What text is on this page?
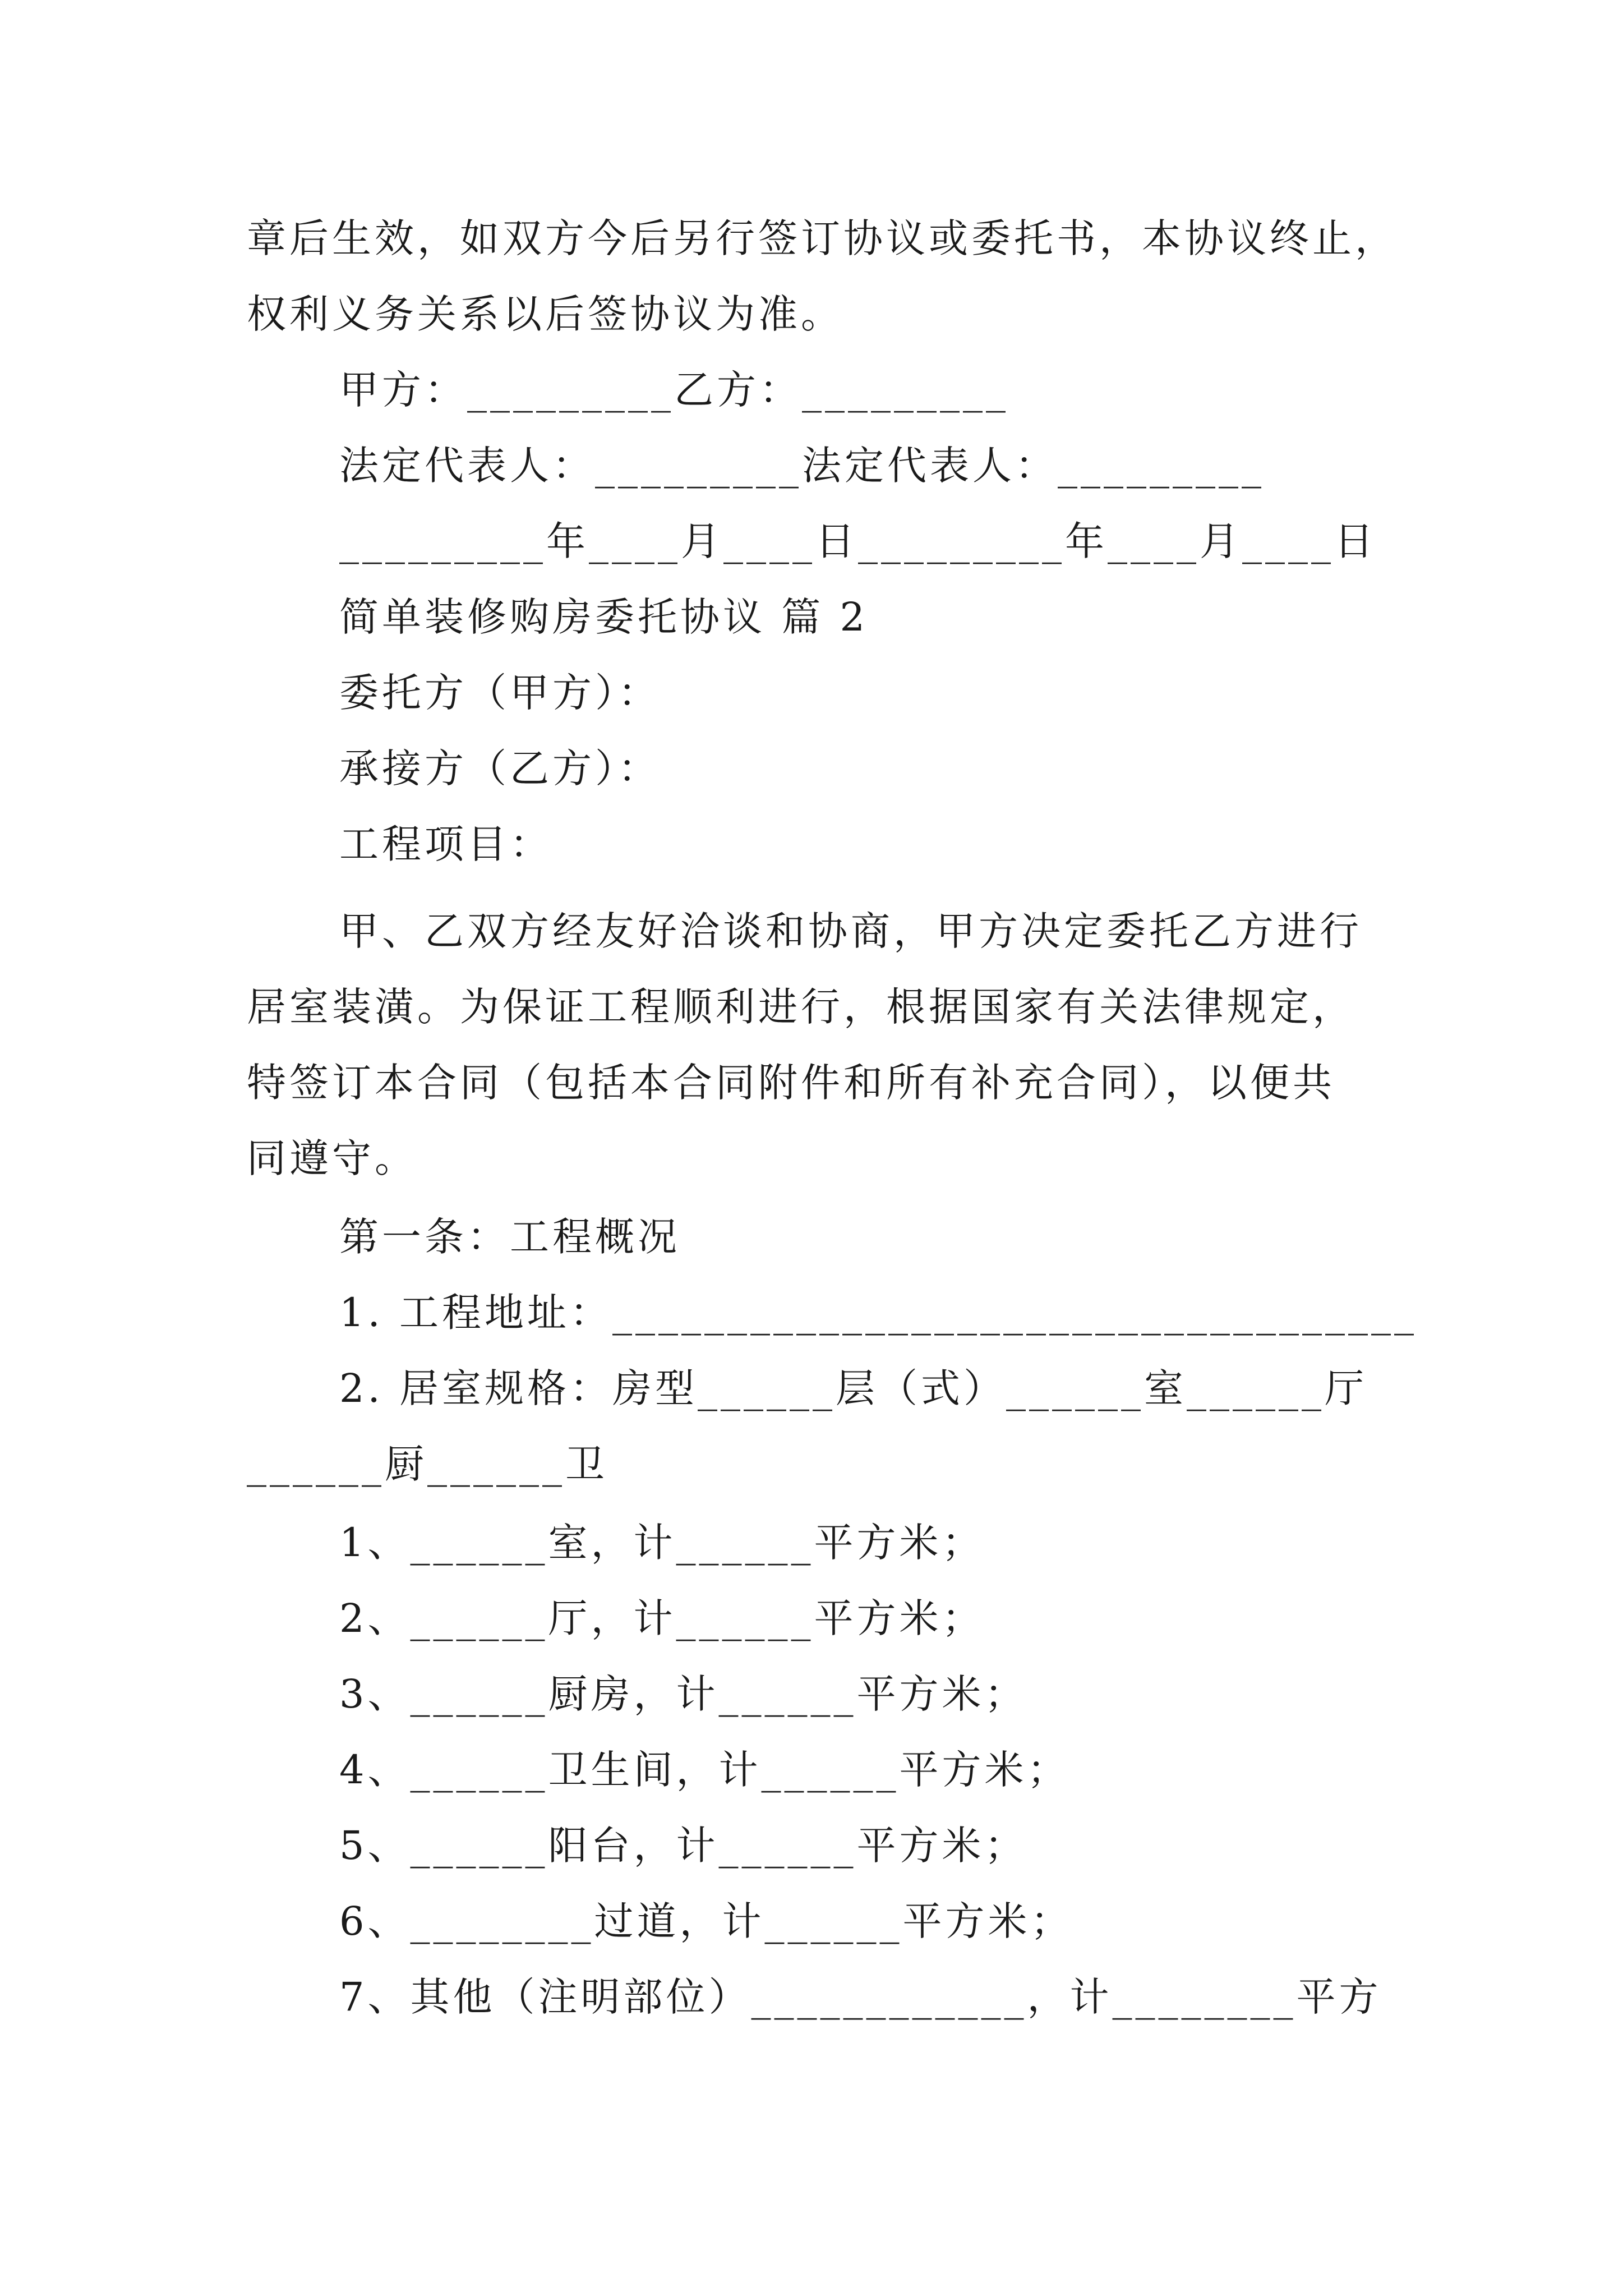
章后生效，如双方今后另行签订协议或委托书，本协议终止，
权利义务关系以后签协议为准。
甲方：_________乙方：_________
法定代表人：_________法定代表人：_________
_________年____月____日_________年____月____日
简单装修购房委托协议 篇 2
委托方（甲方）：
承接方（乙方）：
工程项目：
甲、乙双方经友好洽谈和协商，甲方决定委托乙方进行
居室装潢。为保证工程顺利进行，根据国家有关法律规定，
特签订本合同（包括本合同附件和所有补充合同），以便共
同遵守。
第一条：工程概况
1. 工程地址：___________________________________
2. 居室规格：房型______层（式）______室______厅
______厨______卫
1、______室，计______平方米；
2、______厅，计______平方米；
3、______厨房，计______平方米；
4、______卫生间，计______平方米；
5、______阳台，计______平方米；
6、________过道，计______平方米；
7、其他（注明部位）____________，计________平方
